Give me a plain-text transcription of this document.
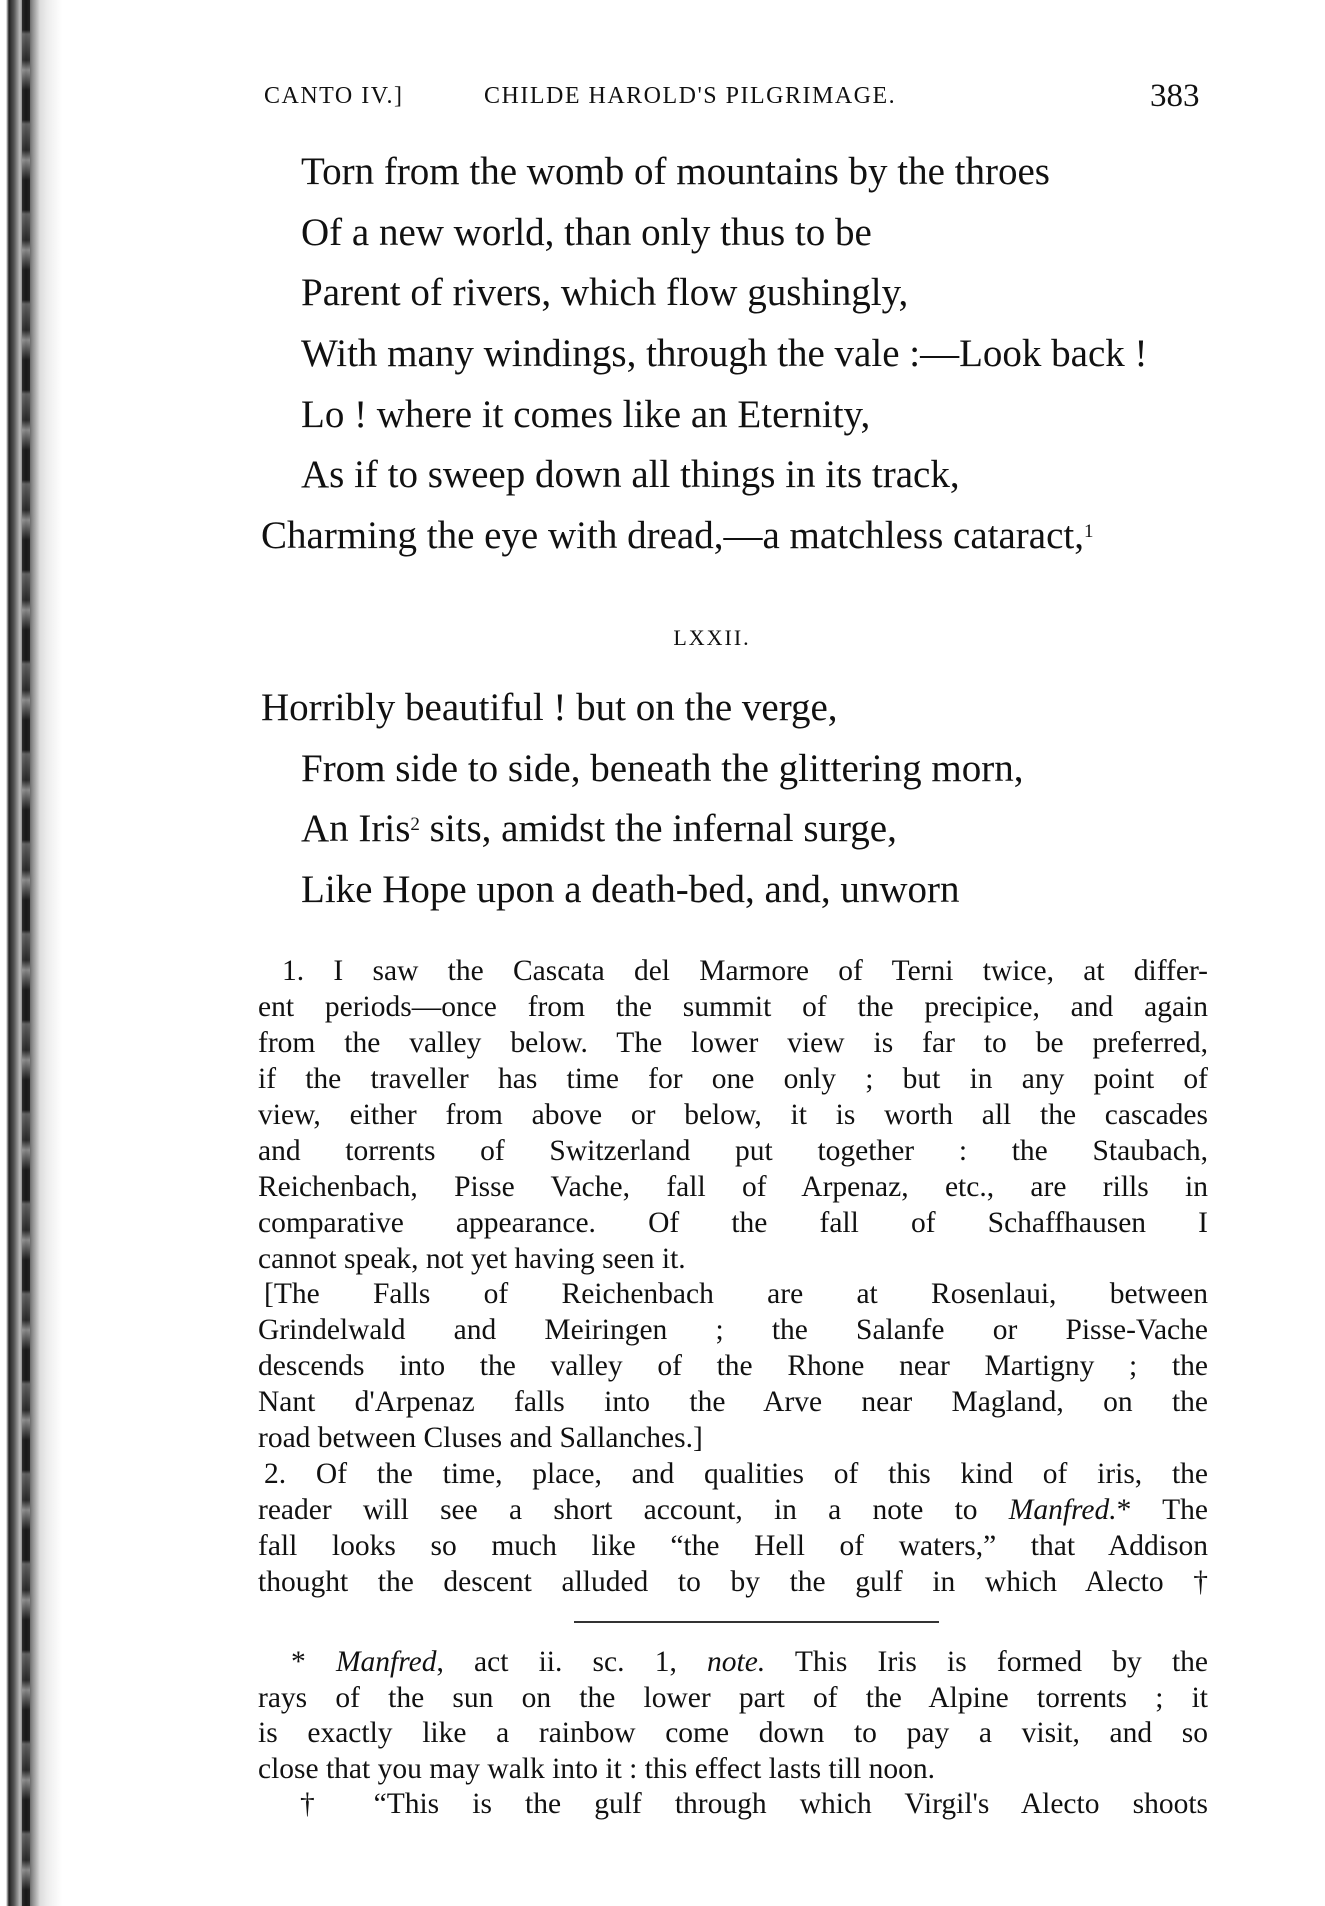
CANTO IV.]	CHILDE HAROLD'S PILGRIMAGE.	383
Torn from the womb of mountains by the throes
Of a new world, than only thus to be
Parent of rivers, which flow gushingly,
With many windings, through the vale :—Look back !
Lo ! where it comes like an Eternity,
As if to sweep down all things in its track,
Charming the eye with dread,—a matchless cataract,$^1$
LXXII.
Horribly beautiful ! but on the verge,
From side to side, beneath the glittering morn,
An Iris$^2$ sits, amidst the infernal surge,
Like Hope upon a death-bed, and, unworn
1. I saw the Cascata del Marmore of Terni twice, at differ-
ent periods—once from the summit of the precipice, and again
from the valley below. The lower view is far to be preferred,
if the traveller has time for one only ; but in any point of
view, either from above or below, it is worth all the cascades
and torrents of Switzerland put together : the Staubach,
Reichenbach, Pisse Vache, fall of Arpenaz, etc., are rills in
comparative appearance. Of the fall of Schaffhausen I
cannot speak, not yet having seen it.
[The Falls of Reichenbach are at Rosenlaui, between
Grindelwald and Meiringen ; the Salanfe or Pisse-Vache
descends into the valley of the Rhone near Martigny ; the
Nant d'Arpenaz falls into the Arve near Magland, on the
road between Cluses and Sallanches.]
2. Of the time, place, and qualities of this kind of iris, the
reader will see a short account, in a note to Manfred.* The
fall looks so much like “the Hell of waters,” that Addison
thought the descent alluded to by the gulf in which Alecto †
* Manfred, act ii. sc. 1, note. This Iris is formed by the
rays of the sun on the lower part of the Alpine torrents ; it
is exactly like a rainbow come down to pay a visit, and so
close that you may walk into it : this effect lasts till noon.
† “This is the gulf through which Virgil's Alecto shoots
